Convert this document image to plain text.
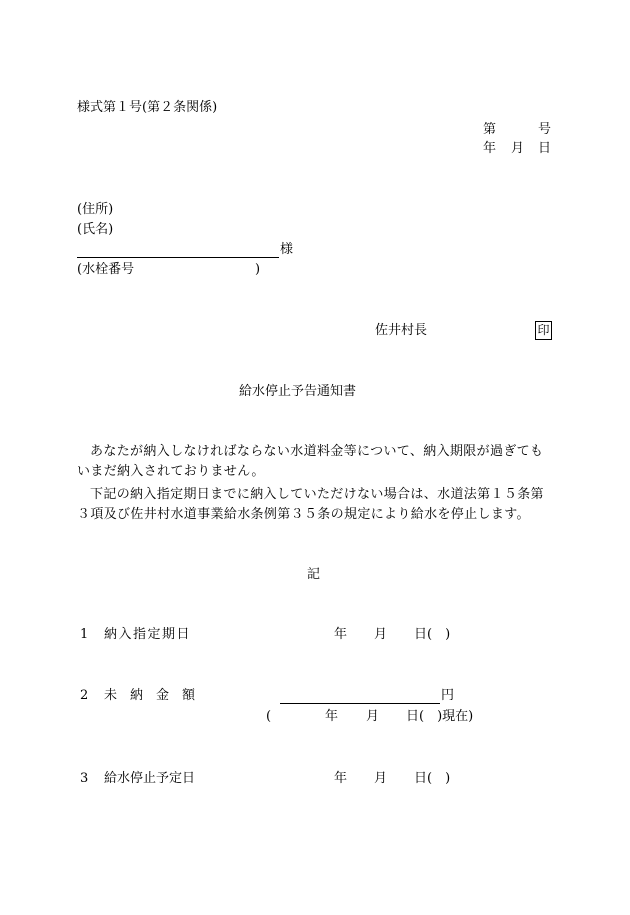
様式第１号(第２条関係)
第	号
年 月 日
(住所)
(氏名)
様
(水栓番号	)
佐井村長	印
給水停止予告通知書
あなたが納入しなければならない水道料金等について、納入期限が過ぎても
いまだ納入されておりません。
下記の納入指定期日までに納入していただけない場合は、水道法第１５条第
３項及び佐井村水道事業給水条例第３５条の規定により給水を停止します。
記
1 納入指定期日	年 月 日(　)
2 未　納　金　額	円
(	年 月 日(　)現在)
3 給水停止予定日	年 月 日(　)
